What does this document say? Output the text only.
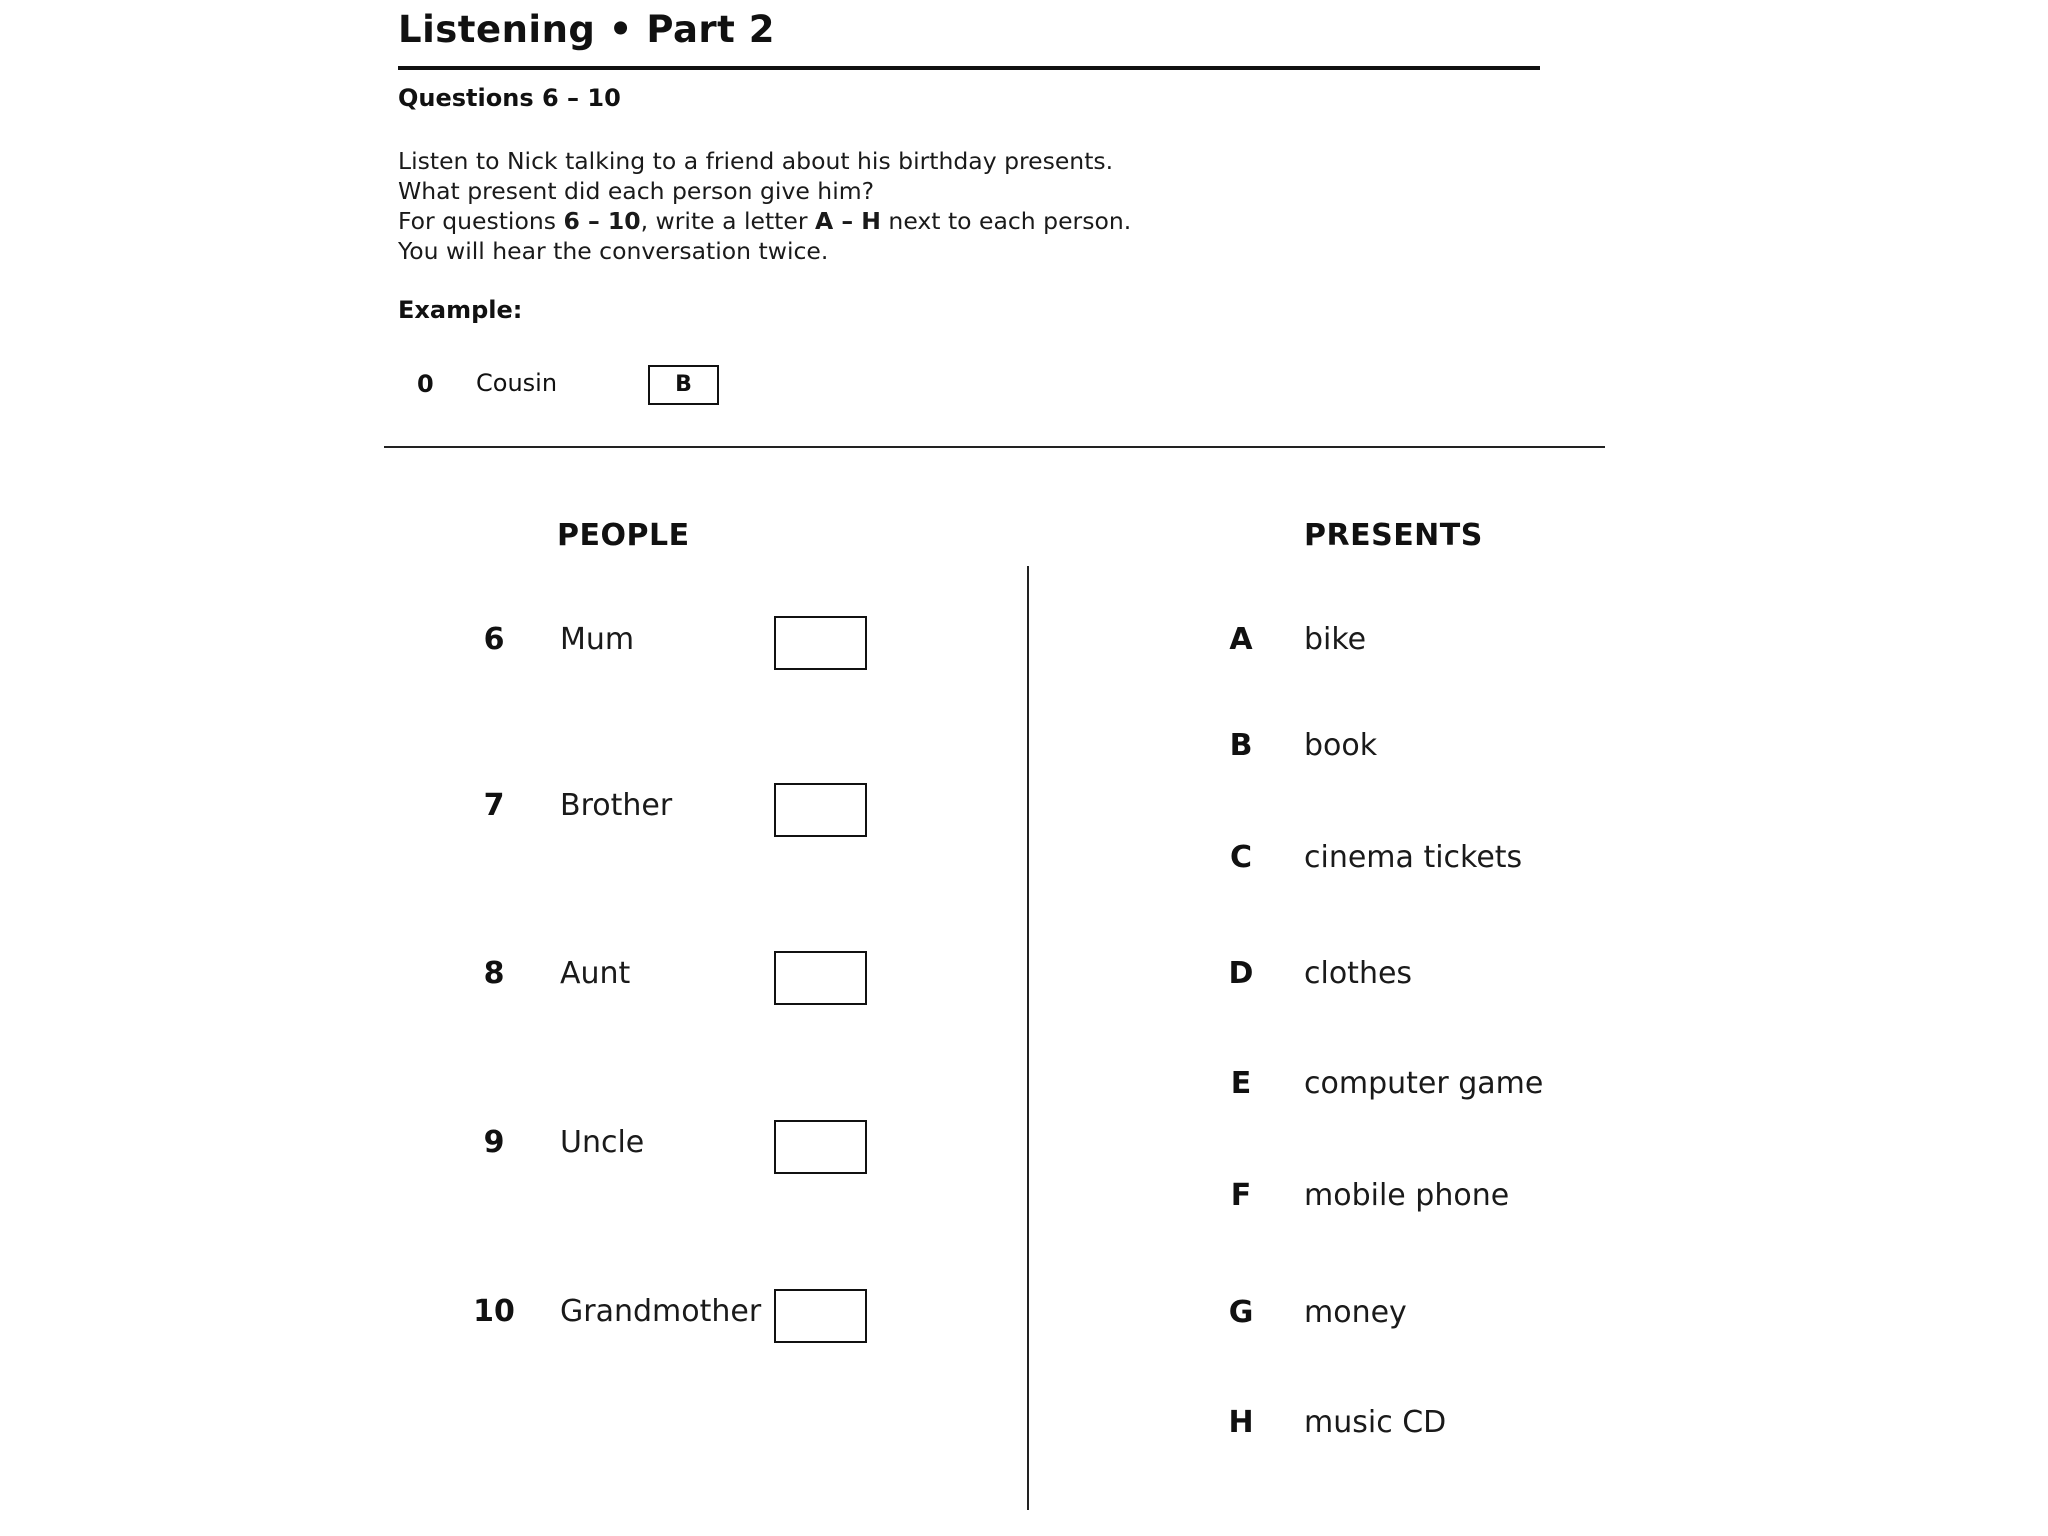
Listening • Part 2
Questions 6 – 10
Listen to Nick talking to a friend about his birthday presents.
What present did each person give him?
For questions 6 – 10, write a letter A – H next to each person.
You will hear the conversation twice.
Example:
0 Cousin	B
PEOPLE	PRESENTS
6	Mum
7	Brother
8	Aunt
9	Uncle
10	Grandmother
A bike
B book
C cinema tickets
D clothes
E computer game
F mobile phone
G money
H music CD
